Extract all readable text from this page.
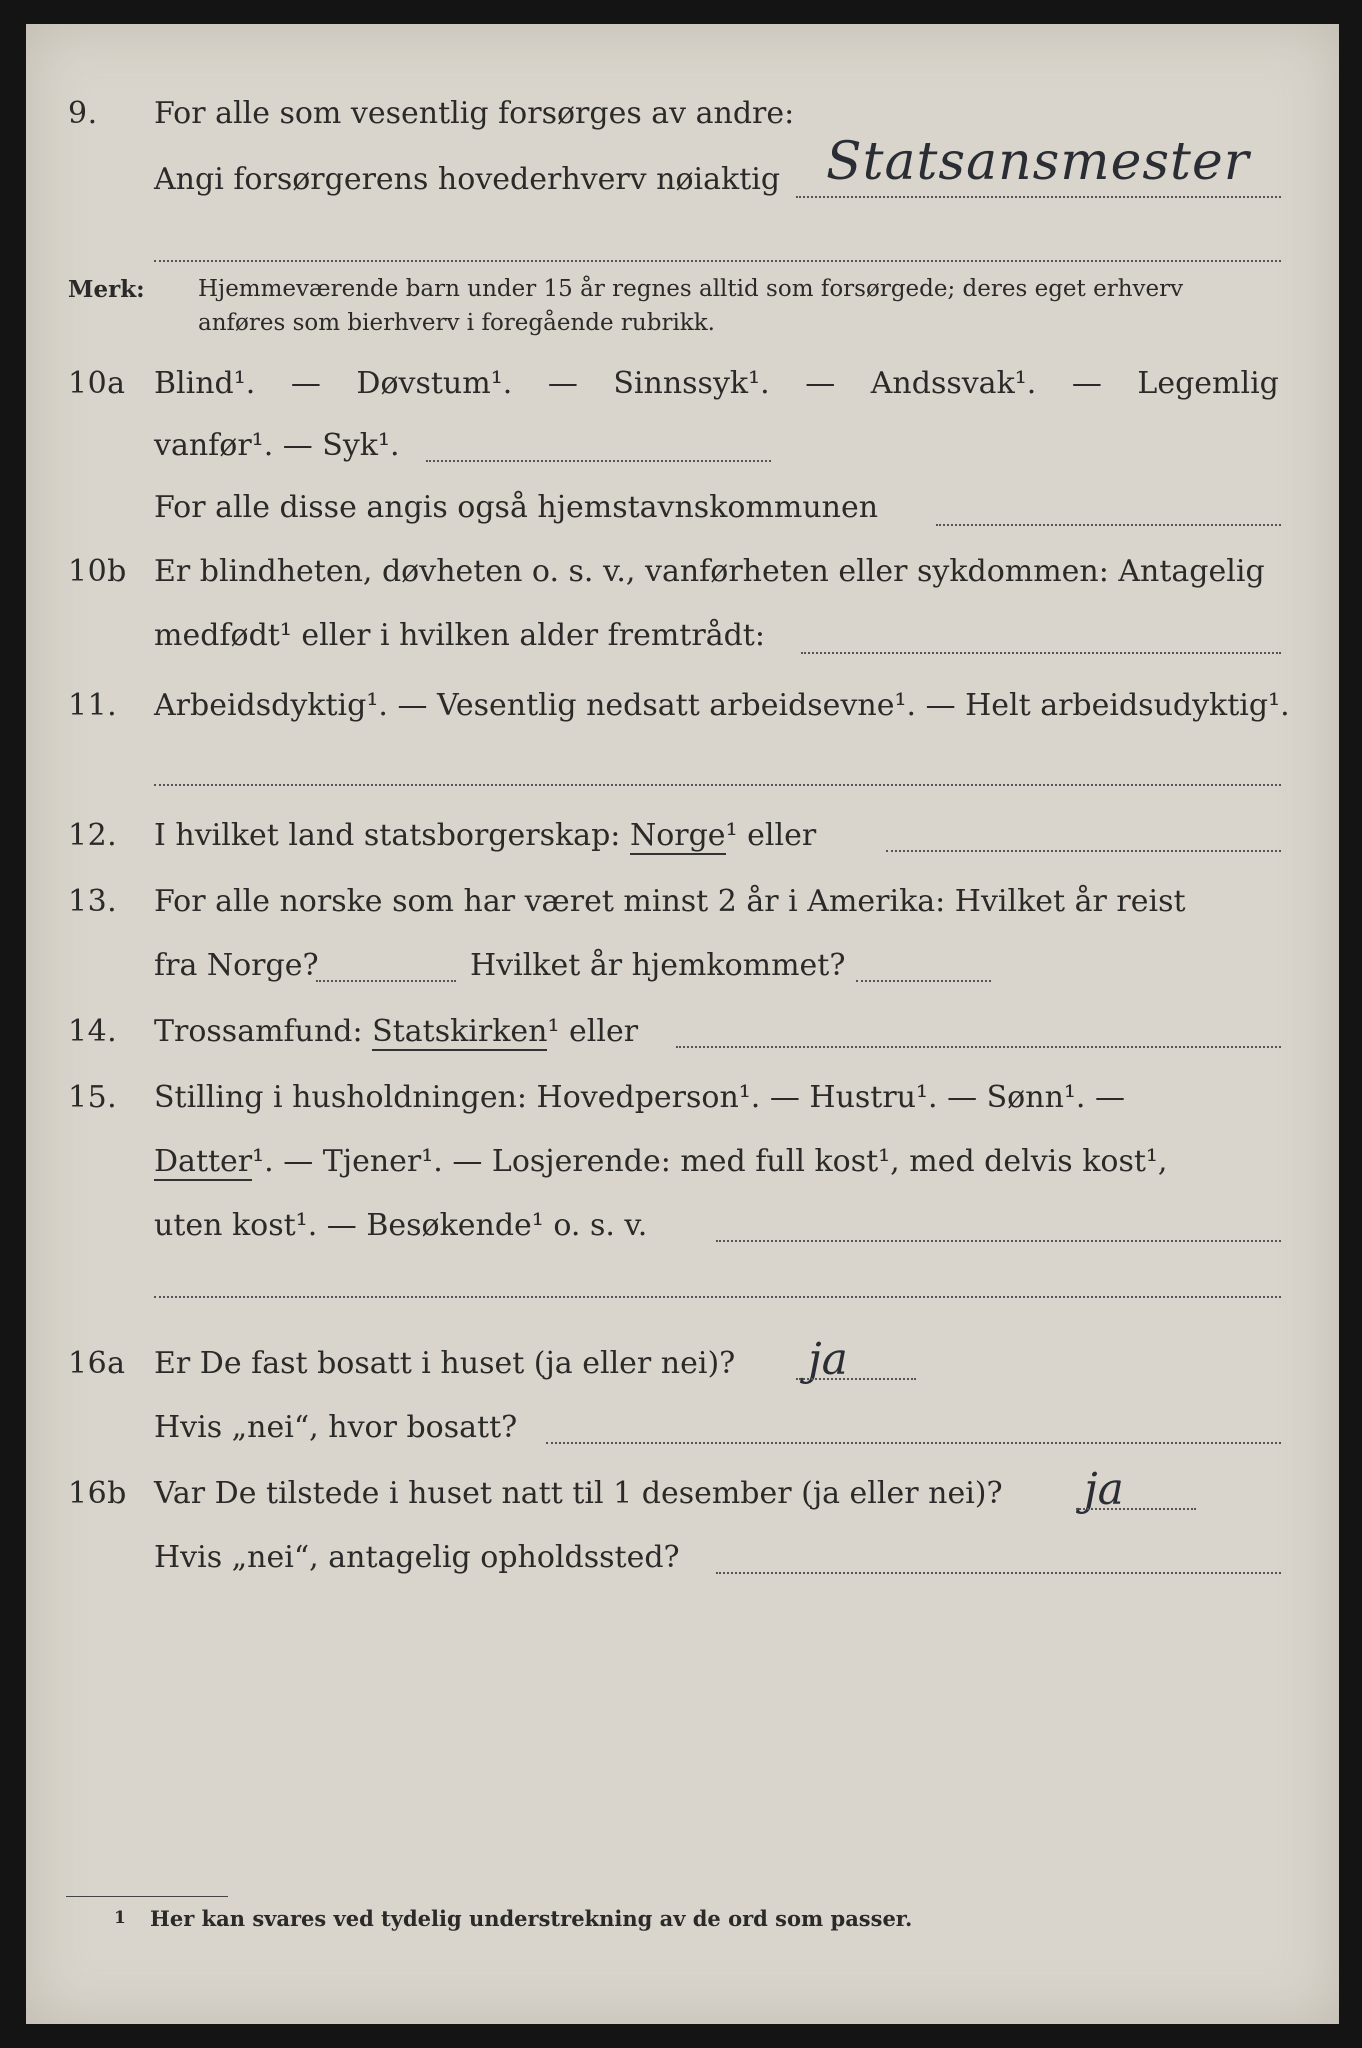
9. For alle som vesentlig forsørges av andre:
Angi forsørgerens hovederhverv nøiaktig Statsansmester
Merk: Hjemmeværende barn under 15 år regnes alltid som forsørgede; deres eget erhverv
anføres som bierhverv i foregående rubrikk.
10a Blind¹. — Døvstum¹. — Sinnssyk¹. — Andssvak¹. — Legemlig
vanfør¹. — Syk¹.
For alle disse angis også hjemstavnskommunen
10b Er blindheten, døvheten o. s. v., vanførheten eller sykdommen: Antagelig
medfødt¹ eller i hvilken alder fremtrådt:
11. Arbeidsdyktig¹. — Vesentlig nedsatt arbeidsevne¹. — Helt arbeidsudyktig¹.
12. I hvilket land statsborgerskap: Norge¹ eller
13. For alle norske som har været minst 2 år i Amerika: Hvilket år reist
fra Norge?	Hvilket år hjemkommet?
14. Trossamfund: Statskirken¹ eller
15. Stilling i husholdningen: Hovedperson¹. — Hustru¹. — Sønn¹. —
Datter¹. — Tjener¹. — Losjerende: med full kost¹, med delvis kost¹,
uten kost¹. — Besøkende¹ o. s. v.
16a Er De fast bosatt i huset (ja eller nei)? ja
Hvis „nei“, hvor bosatt?
16b Var De tilstede i huset natt til 1 desember (ja eller nei)? ja
Hvis „nei“, antagelig opholdssted?
1 Her kan svares ved tydelig understrekning av de ord som passer.
